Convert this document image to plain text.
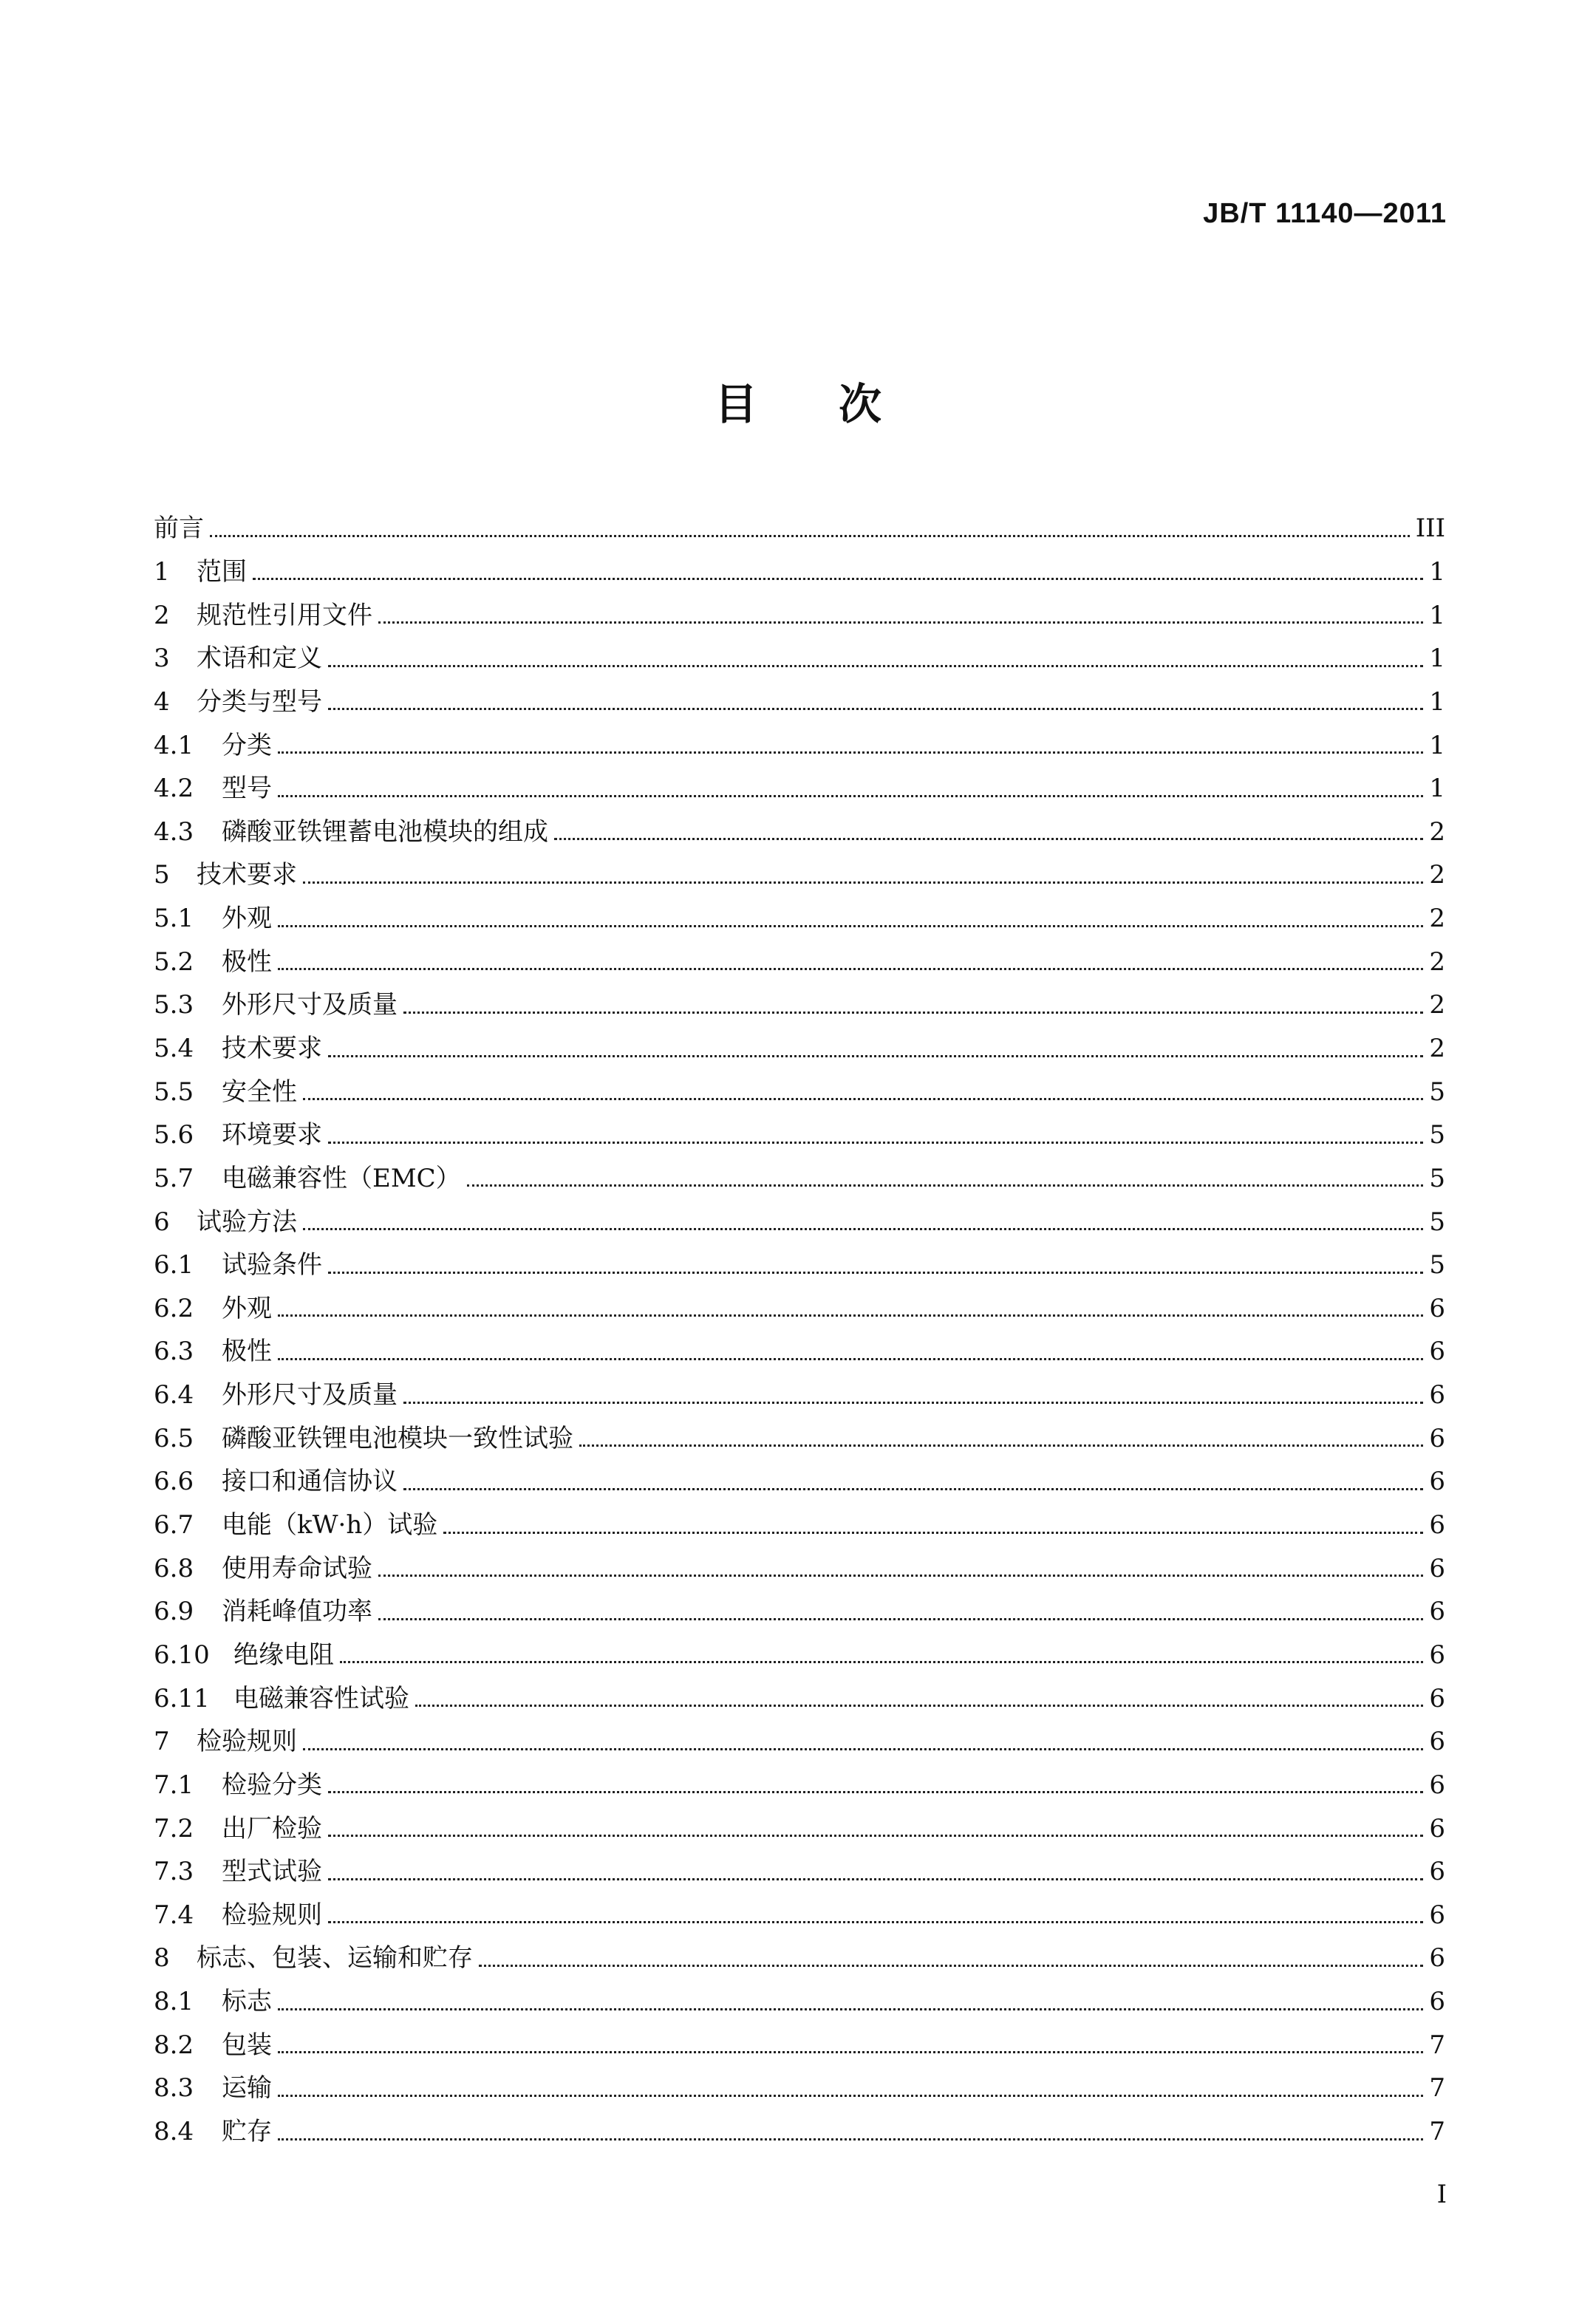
JB/T 11140—2011
目 次
前言	III
1	范围	1
2	规范性引用文件	1
3	术语和定义	1
4	分类与型号	1
4.1	分类	1
4.2	型号	1
4.3	磷酸亚铁锂蓄电池模块的组成	2
5	技术要求	2
5.1	外观	2
5.2	极性	2
5.3	外形尺寸及质量	2
5.4	技术要求	2
5.5	安全性	5
5.6	环境要求	5
5.7	电磁兼容性（EMC）	5
6	试验方法	5
6.1	试验条件	5
6.2	外观	6
6.3	极性	6
6.4	外形尺寸及质量	6
6.5	磷酸亚铁锂电池模块一致性试验	6
6.6	接口和通信协议	6
6.7	电能（kW·h）试验	6
6.8	使用寿命试验	6
6.9	消耗峰值功率	6
6.10 绝缘电阻	6
6.11 电磁兼容性试验	6
7	检验规则	6
7.1	检验分类	6
7.2	出厂检验	6
7.3	型式试验	6
7.4	检验规则	6
8	标志、包装、运输和贮存	6
8.1	标志	6
8.2	包装	7
8.3	运输	7
8.4	贮存	7
I
